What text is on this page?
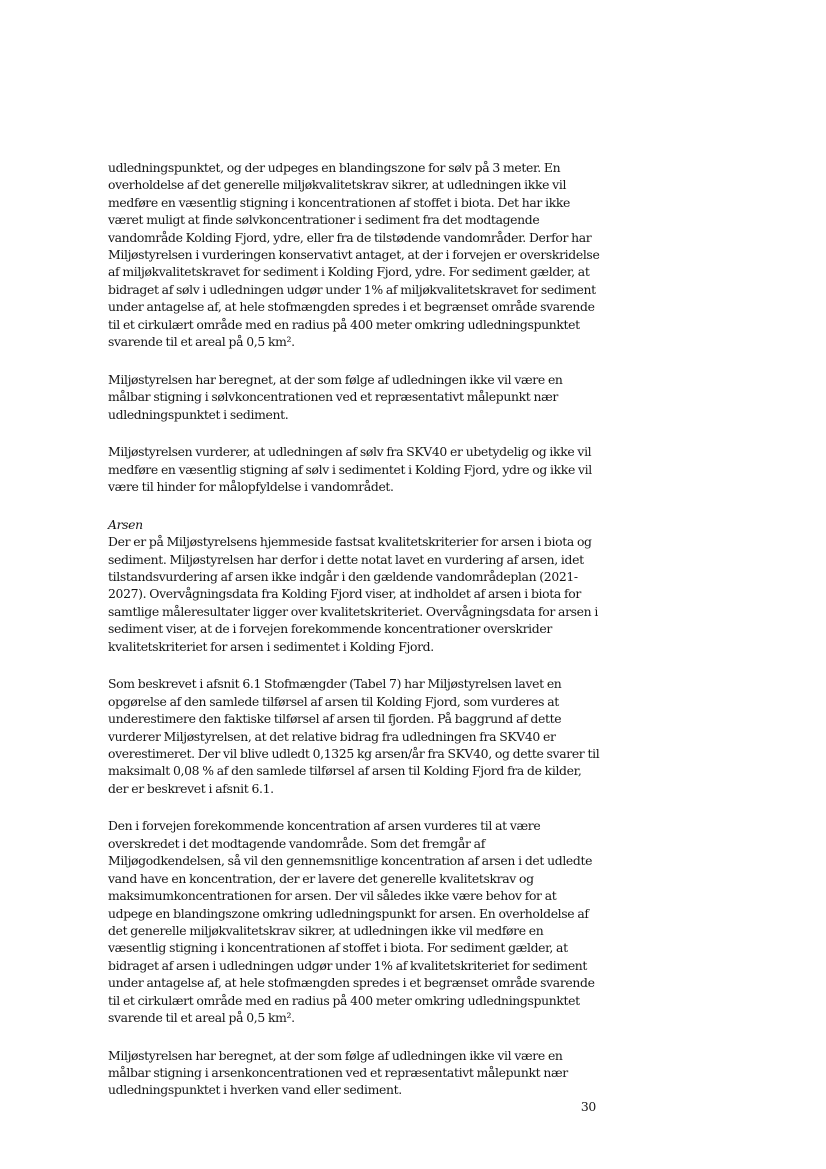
udledningspunktet, og der udpeges en blandingszone for sølv på 3 meter. En
overholdelse af det generelle miljøkvalitetskrav sikrer, at udledningen ikke vil
medføre en væsentlig stigning i koncentrationen af stoffet i biota. Det har ikke
været muligt at finde sølvkoncentrationer i sediment fra det modtagende
vandområde Kolding Fjord, ydre, eller fra de tilstødende vandområder. Derfor har
Miljøstyrelsen i vurderingen konservativt antaget, at der i forvejen er overskridelse
af miljøkvalitetskravet for sediment i Kolding Fjord, ydre. For sediment gælder, at
bidraget af sølv i udledningen udgør under 1% af miljøkvalitetskravet for sediment
under antagelse af, at hele stofmængden spredes i et begrænset område svarende
til et cirkulært område med en radius på 400 meter omkring udledningspunktet
svarende til et areal på 0,5 km².

Miljøstyrelsen har beregnet, at der som følge af udledningen ikke vil være en
målbar stigning i sølvkoncentrationen ved et repræsentativt målepunkt nær
udledningspunktet i sediment.

Miljøstyrelsen vurderer, at udledningen af sølv fra SKV40 er ubetydelig og ikke vil
medføre en væsentlig stigning af sølv i sedimentet i Kolding Fjord, ydre og ikke vil
være til hinder for målopfyldelse i vandområdet.

Arsen
Der er på Miljøstyrelsens hjemmeside fastsat kvalitetskriterier for arsen i biota og
sediment. Miljøstyrelsen har derfor i dette notat lavet en vurdering af arsen, idet
tilstandsvurdering af arsen ikke indgår i den gældende vandområdeplan (2021-
2027). Overvågningsdata fra Kolding Fjord viser, at indholdet af arsen i biota for
samtlige måleresultater ligger over kvalitetskriteriet. Overvågningsdata for arsen i
sediment viser, at de i forvejen forekommende koncentrationer overskrider
kvalitetskriteriet for arsen i sedimentet i Kolding Fjord.

Som beskrevet i afsnit 6.1 Stofmængder (Tabel 7) har Miljøstyrelsen lavet en
opgørelse af den samlede tilførsel af arsen til Kolding Fjord, som vurderes at
underestimere den faktiske tilførsel af arsen til fjorden. På baggrund af dette
vurderer Miljøstyrelsen, at det relative bidrag fra udledningen fra SKV40 er
overestimeret. Der vil blive udledt 0,1325 kg arsen/år fra SKV40, og dette svarer til
maksimalt 0,08 % af den samlede tilførsel af arsen til Kolding Fjord fra de kilder,
der er beskrevet i afsnit 6.1.

Den i forvejen forekommende koncentration af arsen vurderes til at være
overskredet i det modtagende vandområde. Som det fremgår af
Miljøgodkendelsen, så vil den gennemsnitlige koncentration af arsen i det udledte
vand have en koncentration, der er lavere det generelle kvalitetskrav og
maksimumkoncentrationen for arsen. Der vil således ikke være behov for at
udpege en blandingszone omkring udledningspunkt for arsen. En overholdelse af
det generelle miljøkvalitetskrav sikrer, at udledningen ikke vil medføre en
væsentlig stigning i koncentrationen af stoffet i biota. For sediment gælder, at
bidraget af arsen i udledningen udgør under 1% af kvalitetskriteriet for sediment
under antagelse af, at hele stofmængden spredes i et begrænset område svarende
til et cirkulært område med en radius på 400 meter omkring udledningspunktet
svarende til et areal på 0,5 km².

Miljøstyrelsen har beregnet, at der som følge af udledningen ikke vil være en
målbar stigning i arsenkoncentrationen ved et repræsentativt målepunkt nær
udledningspunktet i hverken vand eller sediment.

30
